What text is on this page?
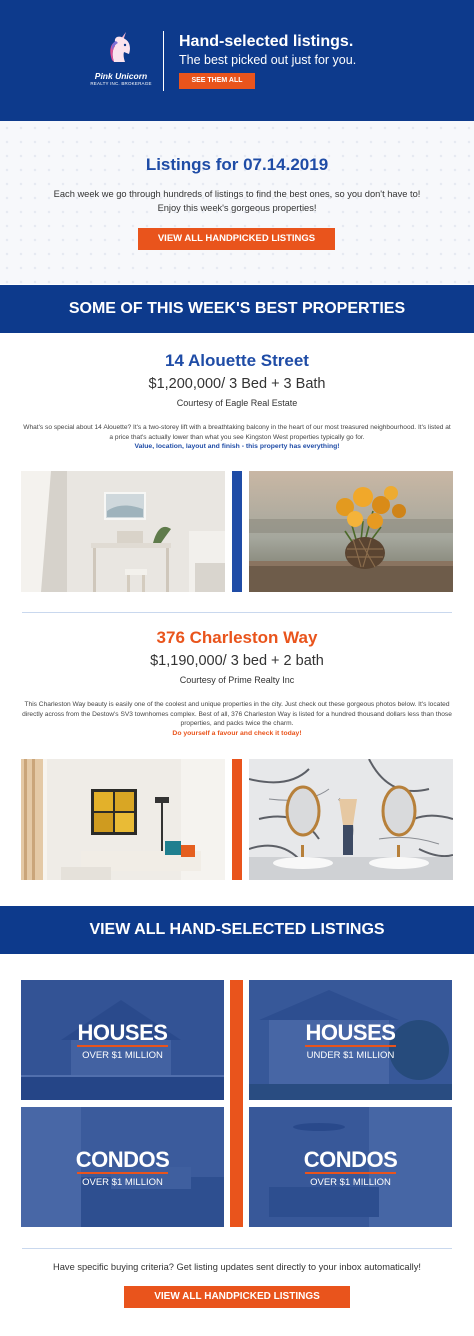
Pink Unicorn
REALTY INC. BROKERAGE
Hand-selected listings.
The best picked out just for you.
SEE THEM ALL
Listings for 07.14.2019
Each week we go through hundreds of listings to find the best ones, so you don't have to!
Enjoy this week's gorgeous properties!
VIEW ALL HANDPICKED LISTINGS
SOME OF THIS WEEK'S BEST PROPERTIES
14 Alouette Street
$1,200,000/ 3 Bed + 3 Bath
Courtesy of Eagle Real Estate
What's so special about 14 Alouette? It's a two-storey lift with a breathtaking balcony in the heart of our most treasured neighbourhood. It's listed at a price that's actually lower than what you see Kingston West properties typically go for.
Value, location, layout and finish - this property has everything!
376 Charleston Way
$1,190,000/ 3 bed + 2 bath
Courtesy of Prime Realty Inc
This Charleston Way beauty is easily one of the coolest and unique properties in the city. Just check out these gorgeous photos below. It's located directly across from the Destow's SV3 townhomes complex. Best of all, 376 Charleston Way is listed for a hundred thousand dollars less than those properties, and packs twice the charm.
Do yourself a favour and check it today!
VIEW ALL HAND-SELECTED LISTINGS
HOUSES
OVER $1 MILLION
HOUSES
UNDER $1 MILLION
CONDOS
OVER $1 MILLION
CONDOS
OVER $1 MILLION
Have specific buying criteria? Get listing updates sent directly to your inbox automatically!
VIEW ALL HANDPICKED LISTINGS
